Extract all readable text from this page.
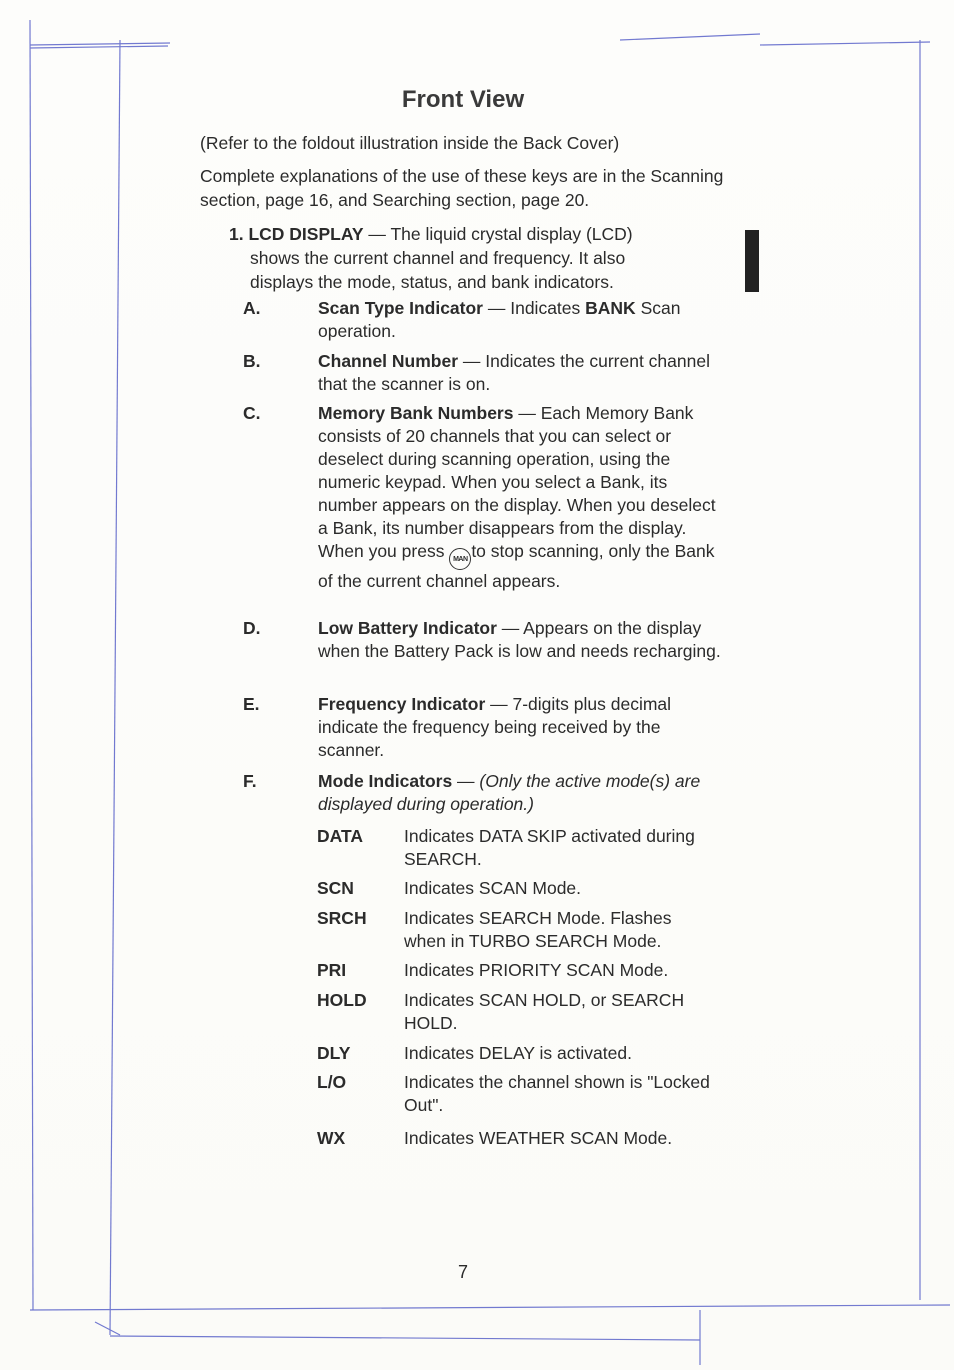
Front View
(Refer to the foldout illustration inside the Back Cover)
Complete explanations of the use of these keys are in the Scanning section, page 16, and Searching section, page 20.
1. LCD DISPLAY — The liquid crystal display (LCD)
shows the current channel and frequency. It also displays the mode, status, and bank indicators.
A.	Scan Type Indicator — Indicates BANK Scan operation.
B.	Channel Number — Indicates the current channel that the scanner is on.
C.	Memory Bank Numbers — Each Memory Bank consists of 20 channels that you can select or deselect during scanning operation, using the numeric keypad. When you select a Bank, its number appears on the display. When you deselect a Bank, its number disappears from the display. When you press MAN to stop scanning, only the Bank of the current channel appears.
D.	Low Battery Indicator — Appears on the display when the Battery Pack is low and needs recharging.
E.	Frequency Indicator — 7-digits plus decimal indicate the frequency being received by the scanner.
F.	Mode Indicators — (Only the active mode(s) are displayed during operation.)
DATA Indicates DATA SKIP activated during SEARCH.
SCN	Indicates SCAN Mode.
SRCH Indicates SEARCH Mode. Flashes when in TURBO SEARCH Mode.
PRI	Indicates PRIORITY SCAN Mode.
HOLD Indicates SCAN HOLD, or SEARCH HOLD.
DLY	Indicates DELAY is activated.
L/O	Indicates the channel shown is "Locked Out".
WX	Indicates WEATHER SCAN Mode.
7
